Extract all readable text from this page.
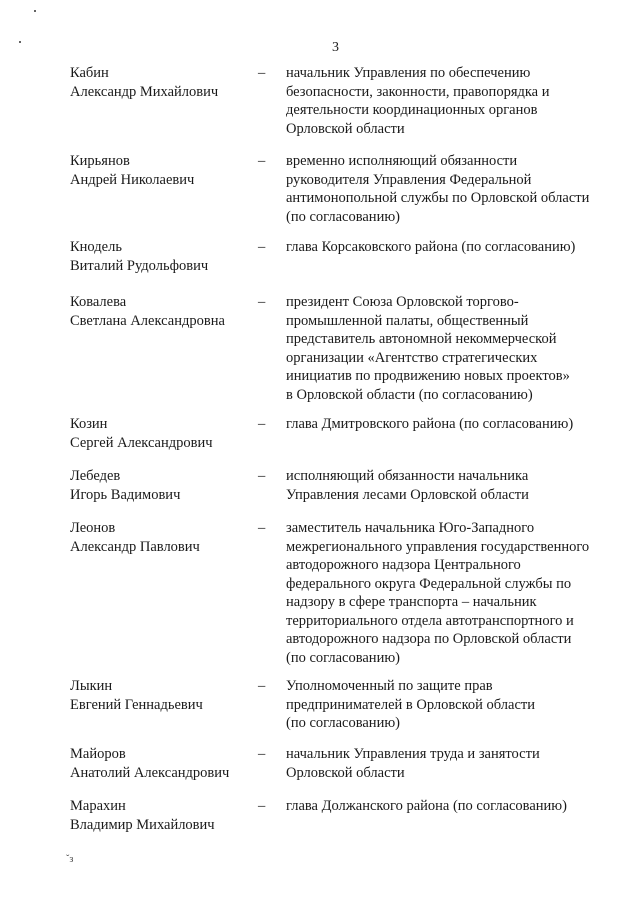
3
Кабин
Александр Михайлович
– начальник Управления по обеспечению
безопасности, законности, правопорядка и
деятельности координационных органов
Орловской области
Кирьянов
Андрей Николаевич
– временно исполняющий обязанности
руководителя Управления Федеральной
антимонопольной службы по Орловской области
(по согласованию)
Кнодель
Виталий Рудольфович
– глава Корсаковского района (по согласованию)
Ковалева
Светлана Александровна
– президент Союза Орловской торгово-
промышленной палаты, общественный
представитель автономной некоммерческой
организации «Агентство стратегических
инициатив по продвижению новых проектов»
в Орловской области (по согласованию)
Козин
Сергей Александрович
– глава Дмитровского района (по согласованию)
Лебедев
Игорь Вадимович
– исполняющий обязанности начальника
Управления лесами Орловской области
Леонов
Александр Павлович
– заместитель начальника Юго-Западного
межрегионального управления государственного
автодорожного надзора Центрального
федерального округа Федеральной службы по
надзору в сфере транспорта – начальник
территориального отдела автотранспортного и
автодорожного надзора по Орловской области
(по согласованию)
Лыкин
Евгений Геннадьевич
– Уполномоченный по защите прав
предпринимателей в Орловской области
(по согласованию)
Майоров
Анатолий Александрович
– начальник Управления труда и занятости
Орловской области
Марахин
Владимир Михайлович
– глава Должанского района (по согласованию)
ˇз
